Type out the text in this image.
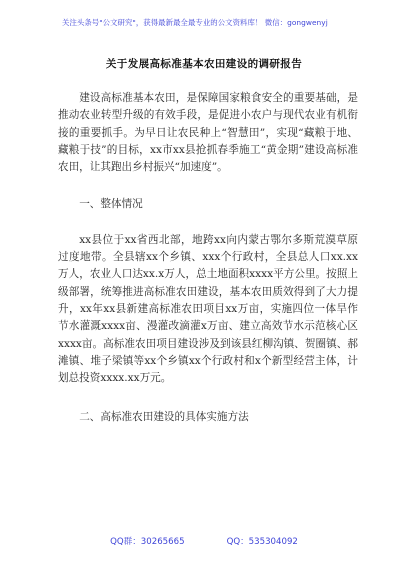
关注头条号"公文研究"，获得最新最全最专业的公文资料库！ 微信：gongwenyj
关于发展高标准基本农田建设的调研报告

建设高标准基本农田，是保障国家粮食安全的重要基础，是推动农业转型升级的有效手段，是促进小农户与现代农业有机衔接的重要抓手。为早日让农民种上“智慧田”，实现“藏粮于地、藏粮于技”的目标，xx市xx县抢抓春季施工“黄金期”建设高标准农田，让其跑出乡村振兴“加速度”。

一、整体情况

xx县位于xx省西北部，地跨xx向内蒙古鄂尔多斯荒漠草原过度地带。全县辖xx个乡镇、xxx个行政村，全县总人口xx.xx万人，农业人口达xx.x万人，总土地面积xxxx平方公里。按照上级部署，统筹推进高标准农田建设，基本农田质效得到了大力提升，xx年xx县新建高标准农田项目xx万亩，实施四位一体旱作节水灌溉xxxx亩、漫灌改滴灌x万亩、建立高效节水示范核心区xxxx亩。高标准农田项目建设涉及到该县红柳沟镇、贺圈镇、郝滩镇、堆子梁镇等xx个乡镇xx个行政村和x个新型经营主体，计划总投资xxxx.xx万元。

二、高标准农田建设的具体实施方法

QQ群：30265665	QQ：535304092
